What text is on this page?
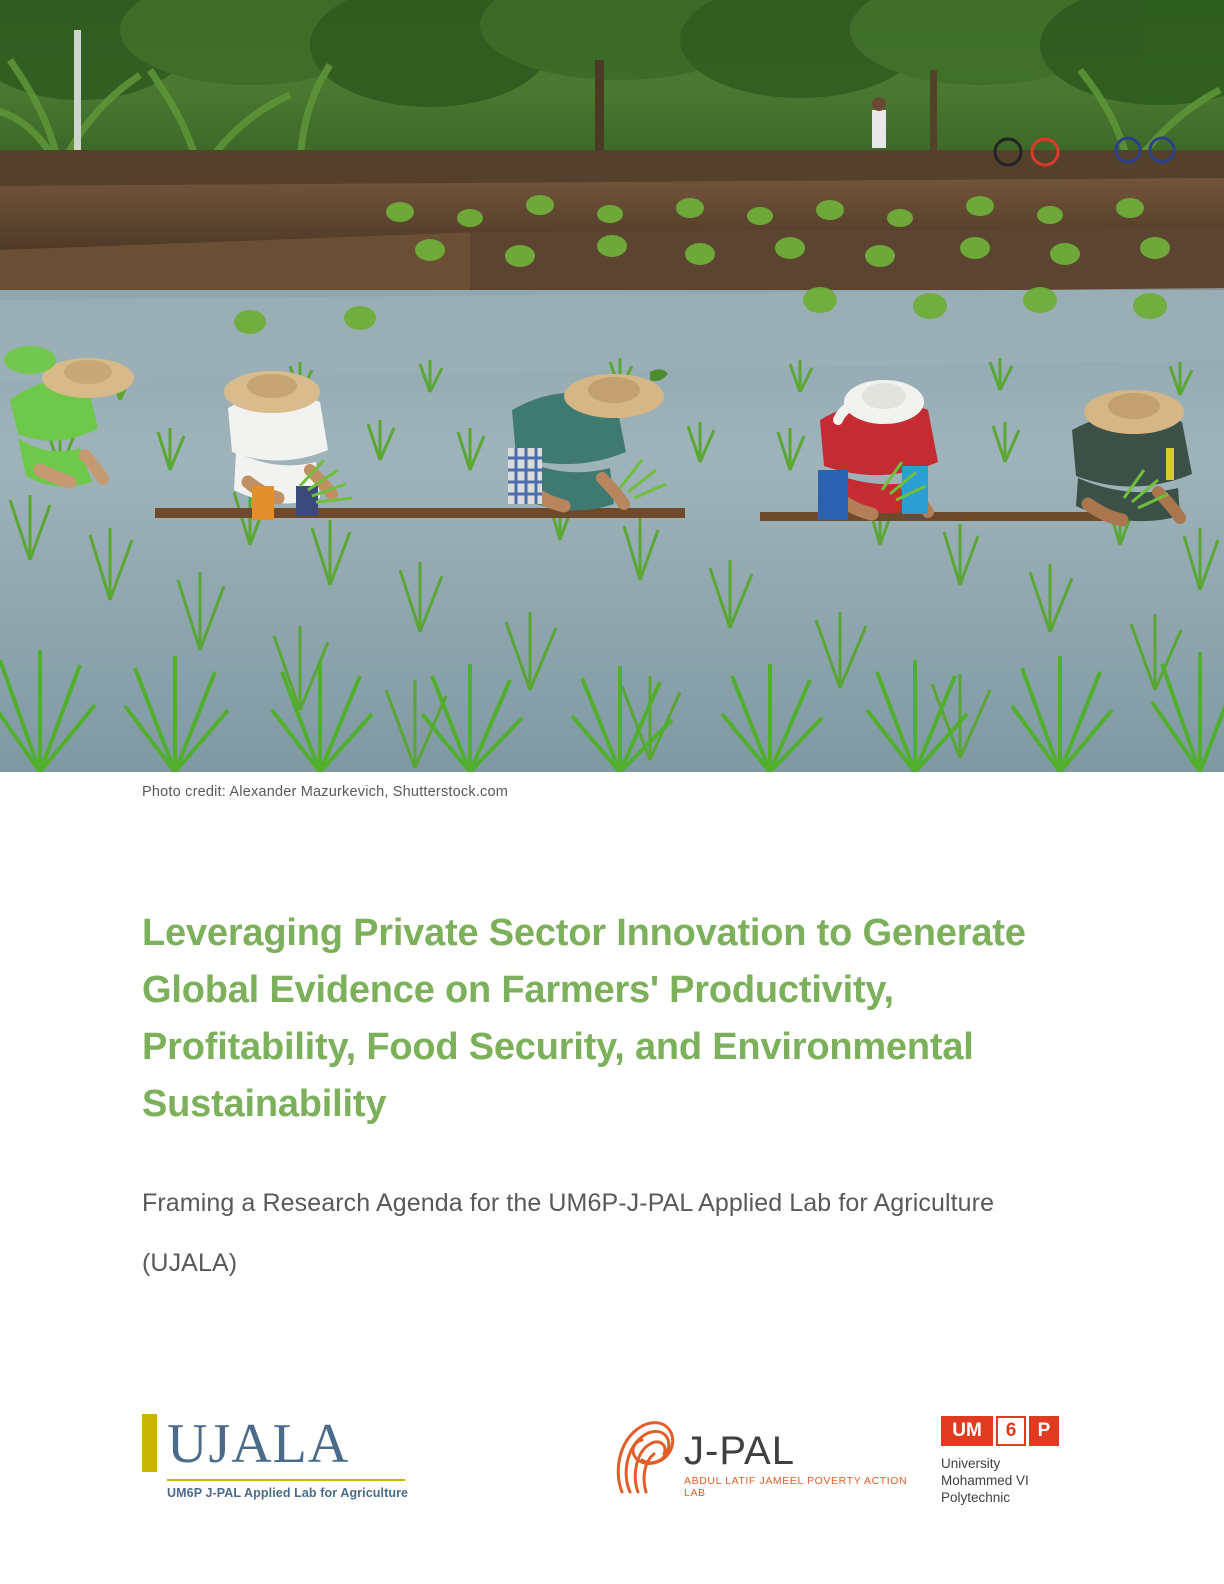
Photo credit: Alexander Mazurkevich, Shutterstock.com
Leveraging Private Sector Innovation to Generate Global Evidence on Farmers' Productivity, Profitability, Food Security, and Environmental Sustainability

Framing a Research Agenda for the UM6P-J-PAL Applied Lab for Agriculture (UJALA)

UJALA
UM6P J-PAL Applied Lab for Agriculture
J-PAL
ABDUL LATIF JAMEEL POVERTY ACTION LAB
UM	6	P
University
Mohammed VI
Polytechnic
